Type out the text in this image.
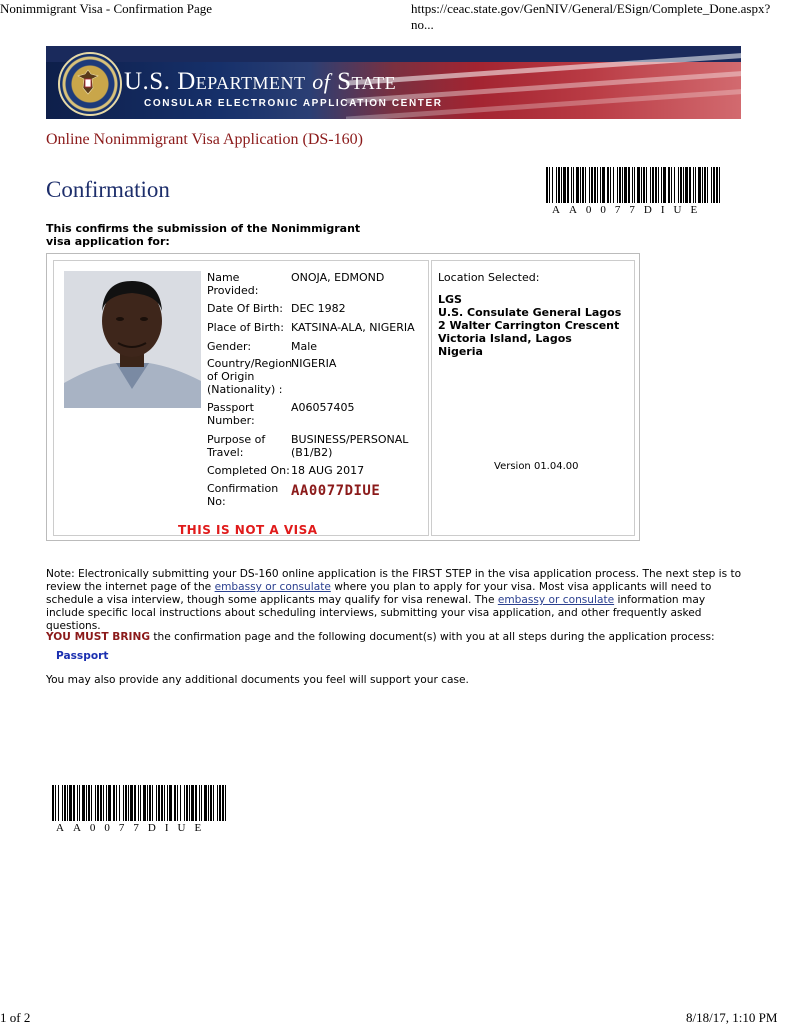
Nonimmigrant Visa - Confirmation Page	https://ceac.state.gov/GenNIV/General/ESign/Complete_Done.aspx?no...
U.S. Department of State
CONSULAR ELECTRONIC APPLICATION CENTER
Online Nonimmigrant Visa Application (DS-160)
Confirmation
AA0077DIUE
This confirms the submission of the Nonimmigrant visa application for:
Name Provided:
ONOJA, EDMOND
Date Of Birth: DEC 1982
Place of Birth: KATSINA-ALA, NIGERIA
Gender:	Male
Country/Region of Origin (Nationality) :
NIGERIA
Passport Number:
A06057405
Purpose of Travel:
BUSINESS/PERSONAL (B1/B2)
Completed On: 18 AUG 2017
Confirmation No:
AA0077DIUE
THIS IS NOT A VISA
Location Selected:
LGS
U.S. Consulate General Lagos
2 Walter Carrington Crescent
Victoria Island, Lagos
Nigeria
Version 01.04.00
Note: Electronically submitting your DS-160 online application is the FIRST STEP in the visa application process. The next step is to review the internet page of the embassy or consulate where you plan to apply for your visa. Most visa applicants will need to schedule a visa interview, though some applicants may qualify for visa renewal. The embassy or consulate information may include specific local instructions about scheduling interviews, submitting your visa application, and other frequently asked questions.
YOU MUST BRING the confirmation page and the following document(s) with you at all steps during the application process:
Passport
You may also provide any additional documents you feel will support your case.
AA0077DIUE
1 of 2	8/18/17, 1:10 PM
